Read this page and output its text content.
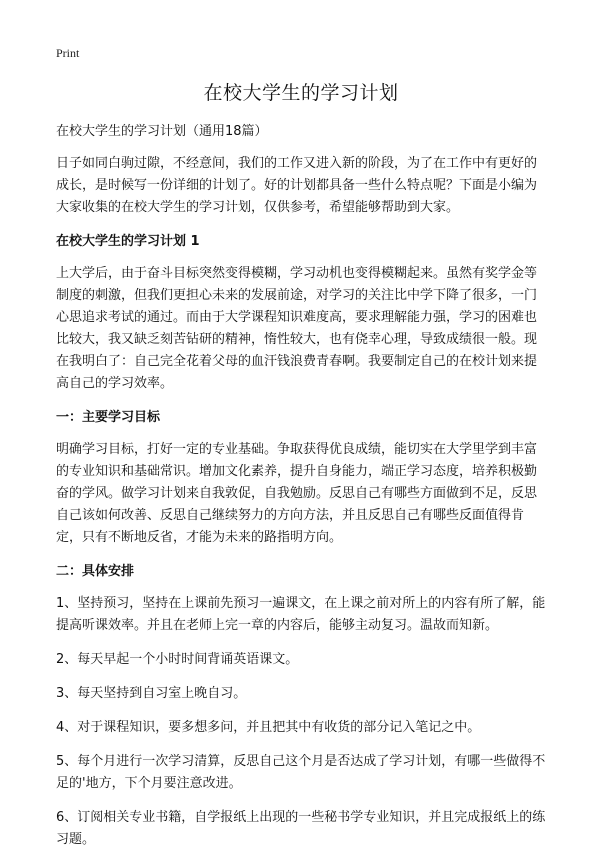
Print
在校大学生的学习计划

在校大学生的学习计划（通用18篇）

日子如同白驹过隙，不经意间，我们的工作又进入新的阶段，为了在工作中有更好的成长，是时候写一份详细的计划了。好的计划都具备一些什么特点呢？下面是小编为大家收集的在校大学生的学习计划，仅供参考，希望能够帮助到大家。

在校大学生的学习计划 1

上大学后，由于奋斗目标突然变得模糊，学习动机也变得模糊起来。虽然有奖学金等制度的刺激，但我们更担心未来的发展前途，对学习的关注比中学下降了很多，一门心思追求考试的通过。而由于大学课程知识难度高，要求理解能力强，学习的困难也比较大，我又缺乏刻苦钻研的精神，惰性较大，也有侥幸心理，导致成绩很一般。现在我明白了：自己完全花着父母的血汗钱浪费青春啊。我要制定自己的在校计划来提高自己的学习效率。

一：主要学习目标

明确学习目标，打好一定的专业基础。争取获得优良成绩，能切实在大学里学到丰富的专业知识和基础常识。增加文化素养，提升自身能力，端正学习态度，培养积极勤奋的学风。做学习计划来自我敦促，自我勉励。反思自己有哪些方面做到不足，反思自己该如何改善、反思自己继续努力的方向方法，并且反思自己有哪些反面值得肯定，只有不断地反省，才能为未来的路指明方向。

二：具体安排

1、坚持预习，坚持在上课前先预习一遍课文，在上课之前对所上的内容有所了解，能提高听课效率。并且在老师上完一章的内容后，能够主动复习。温故而知新。

2、每天早起一个小时时间背诵英语课文。

3、每天坚持到自习室上晚自习。

4、对于课程知识，要多想多问，并且把其中有收货的部分记入笔记之中。

5、每个月进行一次学习清算，反思自己这个月是否达成了学习计划，有哪一些做得不足的'地方，下个月要注意改进。

6、订阅相关专业书籍，自学报纸上出现的一些秘书学专业知识，并且完成报纸上的练习题。
